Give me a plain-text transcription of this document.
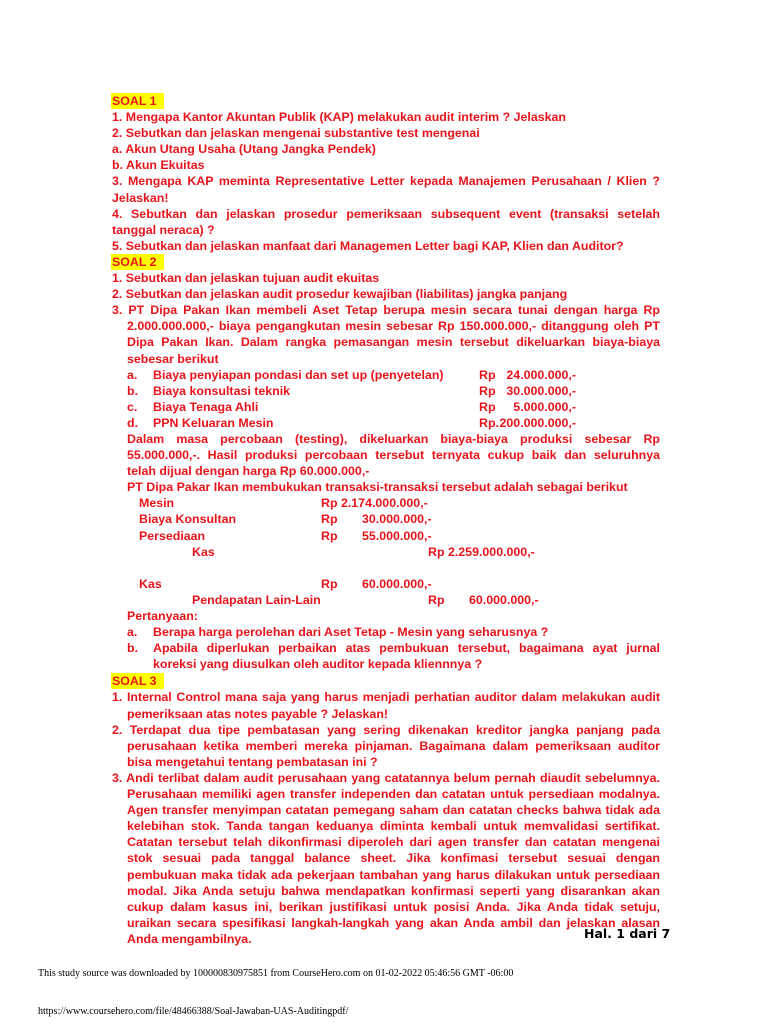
SOAL 1
1. Mengapa Kantor Akuntan Publik (KAP) melakukan audit interim ? Jelaskan
2. Sebutkan dan jelaskan mengenai substantive test mengenai
a. Akun Utang Usaha (Utang Jangka Pendek)
b. Akun Ekuitas
3. Mengapa KAP meminta Representative Letter kepada Manajemen Perusahaan / Klien ?
Jelaskan!
4. Sebutkan dan jelaskan prosedur pemeriksaan subsequent event (transaksi setelah
tanggal neraca) ?
5. Sebutkan dan jelaskan manfaat dari Managemen Letter bagi KAP, Klien dan Auditor?
SOAL 2
1. Sebutkan dan jelaskan tujuan audit ekuitas
2. Sebutkan dan jelaskan audit prosedur kewajiban (liabilitas) jangka panjang
3. PT Dipa Pakan Ikan membeli Aset Tetap berupa mesin secara tunai dengan harga Rp
2.000.000.000,- biaya pengangkutan mesin sebesar Rp 150.000.000,- ditanggung oleh PT
Dipa Pakan Ikan. Dalam rangka pemasangan mesin tersebut dikeluarkan biaya-biaya
sebesar berikut
a. Biaya penyiapan pondasi dan set up (penyetelan)	Rp 24.000.000,-
b. Biaya konsultasi teknik	Rp 30.000.000,-
c. Biaya Tenaga Ahli	Rp 5.000.000,-
d. PPN Keluaran Mesin	Rp. 200.000.000,-
Dalam masa percobaan (testing), dikeluarkan biaya-biaya produksi sebesar Rp
55.000.000,-. Hasil produksi percobaan tersebut ternyata cukup baik dan seluruhnya
telah dijual dengan harga Rp 60.000.000,-
PT Dipa Pakar Ikan membukukan transaksi-transaksi tersebut adalah sebagai berikut
Mesin	Rp 2.174.000.000,-
Biaya Konsultan	Rp 30.000.000,-
Persediaan	Rp 55.000.000,-
Kas	Rp 2.259.000.000,-
Kas	Rp 60.000.000,-
Pendapatan Lain-Lain	Rp 60.000.000,-
Pertanyaan:
a. Berapa harga perolehan dari Aset Tetap - Mesin yang seharusnya ?
b. Apabila diperlukan perbaikan atas pembukuan tersebut, bagaimana ayat jurnal
koreksi yang diusulkan oleh auditor kepada kliennnya ?
SOAL 3
1. Internal Control mana saja yang harus menjadi perhatian auditor dalam melakukan audit
pemeriksaan atas notes payable ? Jelaskan!
2. Terdapat dua tipe pembatasan yang sering dikenakan kreditor jangka panjang pada
perusahaan ketika memberi mereka pinjaman. Bagaimana dalam pemeriksaan auditor
bisa mengetahui tentang pembatasan ini ?
3. Andi terlibat dalam audit perusahaan yang catatannya belum pernah diaudit sebelumnya.
Perusahaan memiliki agen transfer independen dan catatan untuk persediaan modalnya.
Agen transfer menyimpan catatan pemegang saham dan catatan checks bahwa tidak ada
kelebihan stok. Tanda tangan keduanya diminta kembali untuk memvalidasi sertifikat.
Catatan tersebut telah dikonfirmasi diperoleh dari agen transfer dan catatan mengenai
stok sesuai pada tanggal balance sheet. Jika konfimasi tersebut sesuai dengan
pembukuan maka tidak ada pekerjaan tambahan yang harus dilakukan untuk persediaan
modal. Jika Anda setuju bahwa mendapatkan konfirmasi seperti yang disarankan akan
cukup dalam kasus ini, berikan justifikasi untuk posisi Anda. Jika Anda tidak setuju,
uraikan secara spesifikasi langkah-langkah yang akan Anda ambil dan jelaskan alasan
Anda mengambilnya.	Hal. 1 dari 7
This study source was downloaded by 100000830975851 from CourseHero.com on 01-02-2022 05:46:56 GMT -06:00
https://www.coursehero.com/file/48466388/Soal-Jawaban-UAS-Auditingpdf/
